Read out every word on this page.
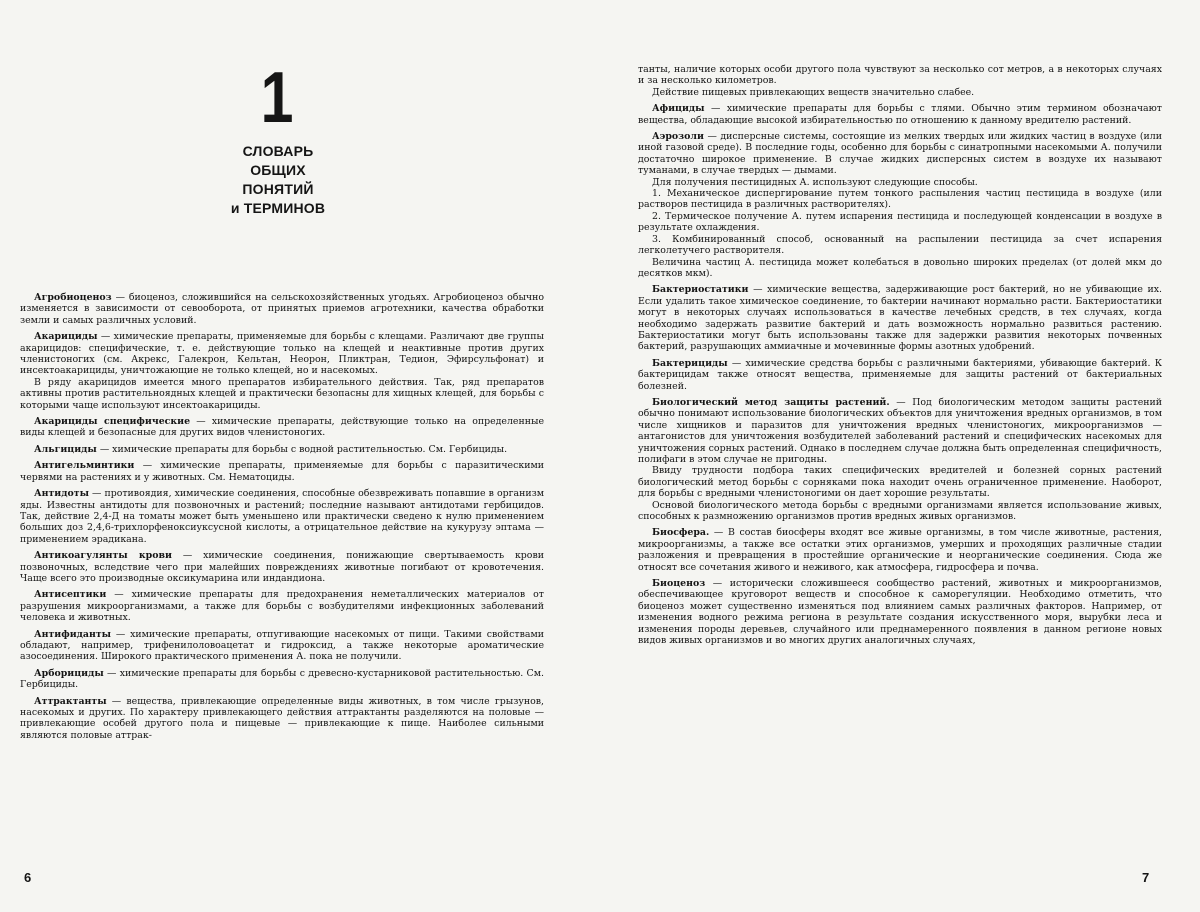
1
СЛОВАРЬ
ОБЩИХ
ПОНЯТИЙ
и ТЕРМИНОВ

Агробиоценоз — биоценоз, сложившийся на сельскохозяйственных угодьях. Агробиоценоз обычно изменяется в зависимости от севооборота, от принятых приемов агротехники, качества обработки земли и самых различных условий.

Акарициды — химические препараты, применяемые для борьбы с клещами. Различают две группы акарицидов: специфические, т. е. действующие только на клещей и неактивные против других членистоногих (см. Акрекс, Галекрон, Кельтан, Неорон, Пликтран, Тедион, Эфирсульфонат) и инсектоакарициды, уничтожающие не только клещей, но и насекомых.

В ряду акарицидов имеется много препаратов избирательного действия. Так, ряд препаратов активны против растительноядных клещей и практически безопасны для хищных клещей, для борьбы с которыми чаще используют инсектоакарициды.

Акарициды специфические — химические препараты, действующие только на определенные виды клещей и безопасные для других видов членистоногих.

Альгициды — химические препараты для борьбы с водной растительностью. См. Гербициды.

Антигельминтики — химические препараты, применяемые для борьбы с паразитическими червями на растениях и у животных. См. Нематоциды.

Антидоты — противоядия, химические соединения, способные обезвреживать попавшие в организм яды. Известны антидоты для позвоночных и растений; последние называют антидотами гербицидов. Так, действие 2,4-Д на томаты может быть уменьшено или практически сведено к нулю применением больших доз 2,4,6-трихлорфеноксиуксусной кислоты, а отрицательное действие на кукурузу эптама — применением эрадикана.

Антикоагулянты крови — химические соединения, понижающие свертываемость крови позвоночных, вследствие чего при малейших повреждениях животные погибают от кровотечения. Чаще всего это производные оксикумарина или индандиона.

Антисептики — химические препараты для предохранения неметаллических материалов от разрушения микроорганизмами, а также для борьбы с возбудителями инфекционных заболеваний человека и животных.

Антифиданты — химические препараты, отпугивающие насекомых от пищи. Такими свойствами обладают, например, трифенилоловоацетат и гидроксид, а также некоторые ароматические азосоединения. Широкого практического применения А. пока не получили.

Арборициды — химические препараты для борьбы с древесно-кустарниковой растительностью. См. Гербициды.

Аттрактанты — вещества, привлекающие определенные виды животных, в том числе грызунов, насекомых и других. По характеру привлекающего действия аттрактанты разделяются на половые — привлекающие особей другого пола и пищевые — привлекающие к пище. Наиболее сильными являются половые аттрак-

6

танты, наличие которых особи другого пола чувствуют за несколько сот метров, а в некоторых случаях и за несколько километров.

Действие пищевых привлекающих веществ значительно слабее.

Афициды — химические препараты для борьбы с тлями. Обычно этим термином обозначают вещества, обладающие высокой избирательностью по отношению к данному вредителю растений.

Аэрозоли — дисперсные системы, состоящие из мелких твердых или жидких частиц в воздухе (или иной газовой среде). В последние годы, особенно для борьбы с синатропными насекомыми А. получили достаточно широкое применение. В случае жидких дисперсных систем в воздухе их называют туманами, в случае твердых — дымами.

Для получения пестицидных А. используют следующие способы.

1. Механическое диспергирование путем тонкого распыления частиц пестицида в воздухе (или растворов пестицида в различных растворителях).

2. Термическое получение А. путем испарения пестицида и последующей конденсации в воздухе в результате охлаждения.

3. Комбинированный способ, основанный на распылении пестицида за счет испарения легколетучего растворителя.

Величина частиц А. пестицида может колебаться в довольно широких пределах (от долей мкм до десятков мкм).

Бактериостатики — химические вещества, задерживающие рост бактерий, но не убивающие их. Если удалить такое химическое соединение, то бактерии начинают нормально расти. Бактериостатики могут в некоторых случаях использоваться в качестве лечебных средств, в тех случаях, когда необходимо задержать развитие бактерий и дать возможность нормально развиться растению. Бактериостатики могут быть использованы также для задержки развития некоторых почвенных бактерий, разрушающих аммиачные и мочевинные формы азотных удобрений.

Бактерициды — химические средства борьбы с различными бактериями, убивающие бактерий. К бактерицидам также относят вещества, применяемые для защиты растений от бактериальных болезней.

Биологический метод защиты растений. — Под биологическим методом защиты растений обычно понимают использование биологических объектов для уничтожения вредных организмов, в том числе хищников и паразитов для уничтожения вредных членистоногих, микроорганизмов — антагонистов для уничтожения возбудителей заболеваний растений и специфических насекомых для уничтожения сорных растений. Однако в последнем случае должна быть определенная специфичность, полифаги в этом случае не пригодны.

Ввиду трудности подбора таких специфических вредителей и болезней сорных растений биологический метод борьбы с сорняками пока находит очень ограниченное применение. Наоборот, для борьбы с вредными членистоногими он дает хорошие результаты.

Основой биологического метода борьбы с вредными организмами является использование живых, способных к размножению организмов против вредных живых организмов.

Биосфера. — В состав биосферы входят все живые организмы, в том числе животные, растения, микроорганизмы, а также все остатки этих организмов, умерших и проходящих различные стадии разложения и превращения в простейшие органические и неорганические соединения. Сюда же относят все сочетания живого и неживого, как атмосфера, гидросфера и почва.

Биоценоз — исторически сложившееся сообщество растений, животных и микроорганизмов, обеспечивающее круговорот веществ и способное к саморегуляции. Необходимо отметить, что биоценоз может существенно изменяться под влиянием самых различных факторов. Например, от изменения водного режима региона в результате создания искусственного моря, вырубки леса и изменения породы деревьев, случайного или преднамеренного появления в данном регионе новых видов живых организмов и во многих других аналогичных случаях,

7
